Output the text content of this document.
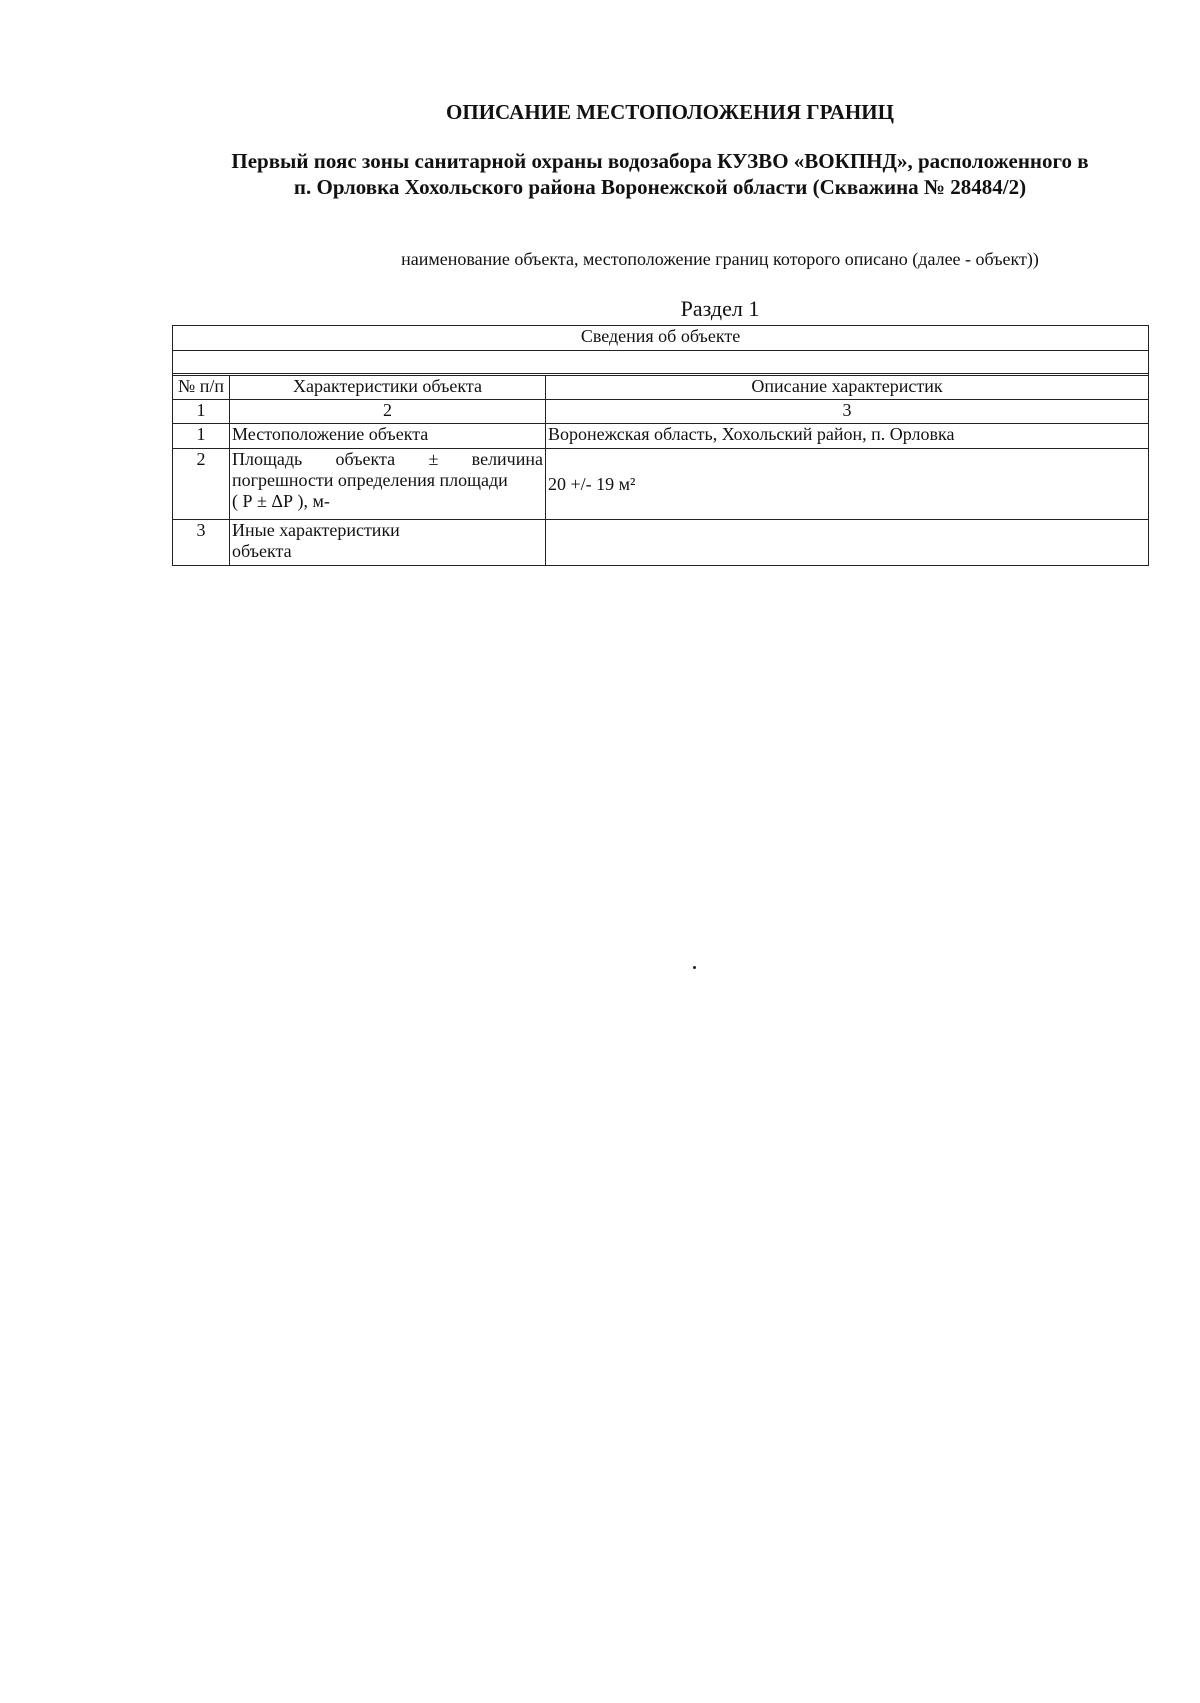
ОПИСАНИЕ МЕСТОПОЛОЖЕНИЯ ГРАНИЦ
Первый пояс зоны санитарной охраны водозабора КУЗВО «ВОКПНД», расположенного в
п. Орловка Хохольского района Воронежской области (Скважина № 28484/2)
наименование объекта, местоположение границ которого описано (далее - объект))
Раздел 1
Сведения об объекте		

№ п/п	Характеристики объекта	Описание характеристик
1	2	3
1	Местоположение объекта	Воронежская область, Хохольский район, п. Орловка
2	Площадь объекта ± величина
погрешности определения площади
( Р ± ΔР ), м-	20 +/- 19 м²
3	Иные характеристики
объекта	
